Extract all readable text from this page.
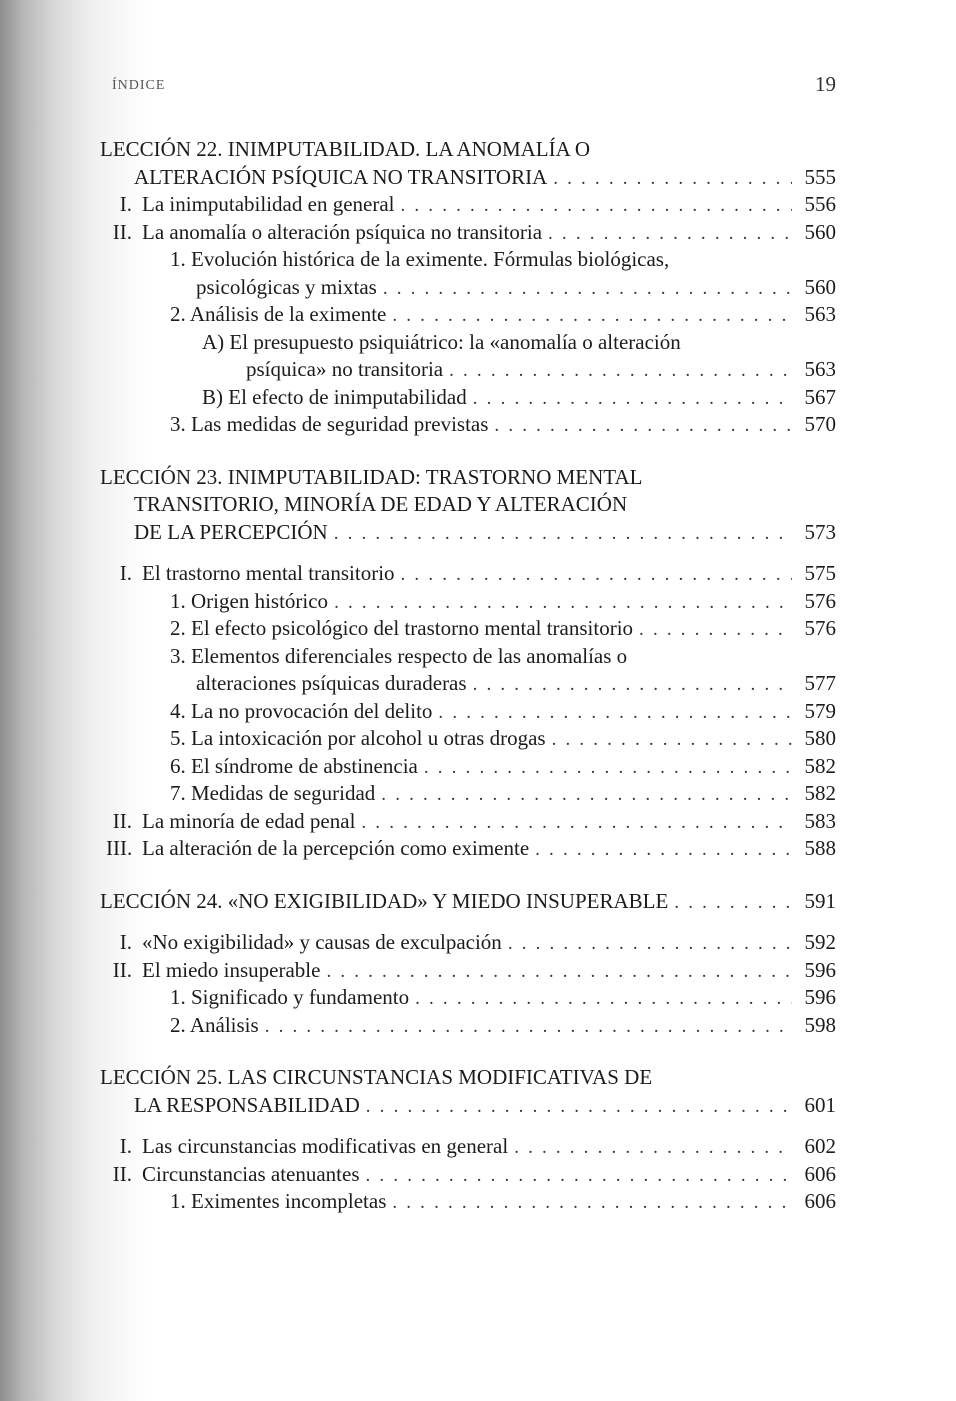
ÍNDICE	19
LECCIÓN 22. INIMPUTABILIDAD. LA ANOMALÍA O
ALTERACIÓN PSÍQUICA NO TRANSITORIA . . .	555
I. La inimputabilidad en general . . .	556
II. La anomalía o alteración psíquica no transitoria . . .	560
1. Evolución histórica de la eximente. Fórmulas biológicas,
psicológicas y mixtas . . .	560
2. Análisis de la eximente . . .	563
A) El presupuesto psiquiátrico: la «anomalía o alteración
psíquica» no transitoria . . .	563
B) El efecto de inimputabilidad . . .	567
3. Las medidas de seguridad previstas . . .	570
LECCIÓN 23. INIMPUTABILIDAD: TRASTORNO MENTAL
TRANSITORIO, MINORÍA DE EDAD Y ALTERACIÓN
DE LA PERCEPCIÓN . . .	573
I. El trastorno mental transitorio . . .	575
1. Origen histórico . . .	576
2. El efecto psicológico del trastorno mental transitorio . . .	576
3. Elementos diferenciales respecto de las anomalías o
alteraciones psíquicas duraderas . . .	577
4. La no provocación del delito . . .	579
5. La intoxicación por alcohol u otras drogas . . .	580
6. El síndrome de abstinencia . . .	582
7. Medidas de seguridad . . .	582
II. La minoría de edad penal . . .	583
III. La alteración de la percepción como eximente . . .	588
LECCIÓN 24. «NO EXIGIBILIDAD» Y MIEDO INSUPERABLE . . .	591
I. «No exigibilidad» y causas de exculpación . . .	592
II. El miedo insuperable . . .	596
1. Significado y fundamento . . .	596
2. Análisis . . .	598
LECCIÓN 25. LAS CIRCUNSTANCIAS MODIFICATIVAS DE
LA RESPONSABILIDAD . . .	601
I. Las circunstancias modificativas en general . . .	602
II. Circunstancias atenuantes . . .	606
1. Eximentes incompletas . . .	606
